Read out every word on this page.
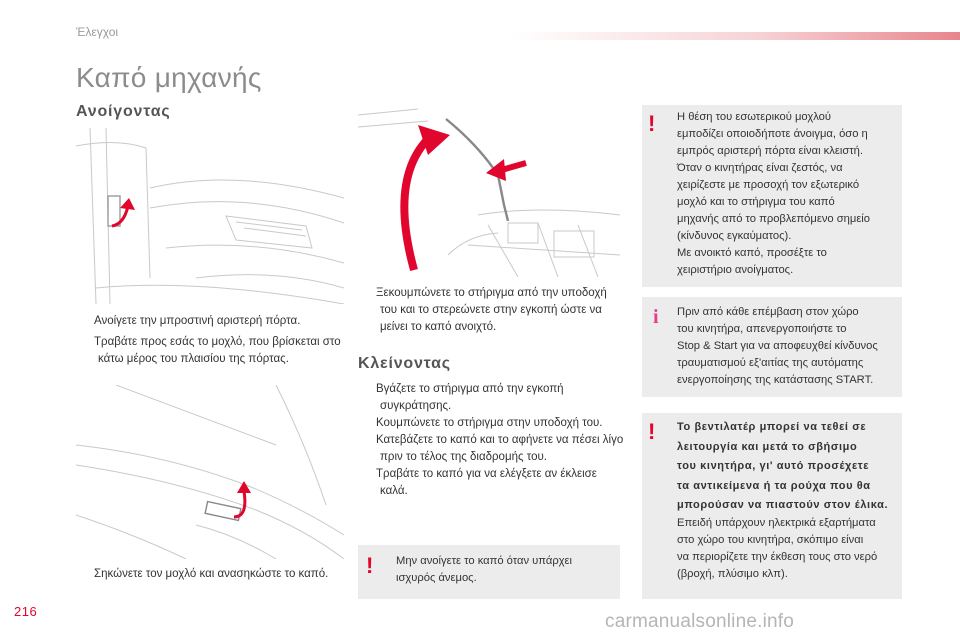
Έλεγχοι
Καπό μηχανής
Ανοίγοντας
Ανοίγετε την μπροστινή αριστερή πόρτα.
Τραβάτε προς εσάς το μοχλό, που βρίσκεται στο κάτω μέρος του πλαισίου της πόρτας.
Σηκώνετε τον μοχλό και ανασηκώστε το καπό.
Ξεκουμπώνετε το στήριγμα από την υποδοχή του και το στερεώνετε στην εγκοπή ώστε να μείνει το καπό ανοιχτό.
Κλείνοντας
Βγάζετε το στήριγμα από την εγκοπή συγκράτησης.
Κουμπώνετε το στήριγμα στην υποδοχή του.
Κατεβάζετε το καπό και το αφήνετε να πέσει λίγο πριν το τέλος της διαδρομής του.
Τραβάτε το καπό για να ελέγξετε αν έκλεισε καλά.
! Μην ανοίγετε το καπό όταν υπάρχει
ισχυρός άνεμος.
! Η θέση του εσωτερικού μοχλού
εμποδίζει οποιοδήποτε άνοιγμα, όσο η
εμπρός αριστερή πόρτα είναι κλειστή.
Όταν ο κινητήρας είναι ζεστός, να
χειρίζεστε με προσοχή τον εξωτερικό
μοχλό και το στήριγμα του καπό
μηχανής από το προβλεπόμενο σημείο
(κίνδυνος εγκαύματος).
Με ανοικτό καπό, προσέξτε το
χειριστήριο ανοίγματος.
i Πριν από κάθε επέμβαση στον χώρο
του κινητήρα, απενεργοποιήστε το
Stop & Start για να αποφευχθεί κίνδυνος
τραυματισμού εξ'αιτίας της αυτόματης
ενεργοποίησης της κατάστασης START.
! Το βεντιλατέρ μπορεί να τεθεί σε
λειτουργία και μετά το σβήσιμο
του κινητήρα, γι' αυτό προσέχετε
τα αντικείμενα ή τα ρούχα που θα
μπορούσαν να πιαστούν στον έλικα.
Επειδή υπάρχουν ηλεκτρικά εξαρτήματα
στο χώρο του κινητήρα, σκόπιμο είναι
να περιορίζετε την έκθεση τους στο νερό
(βροχή, πλύσιμο κλπ).
216	carmanualsonline.info
